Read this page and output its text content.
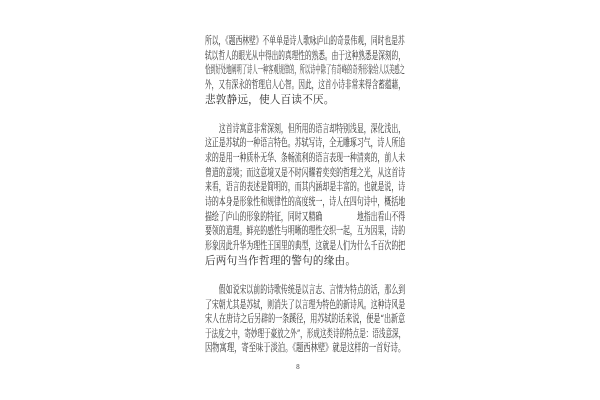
所以，《题西林壁》不单单是诗人歌咏庐山的奇景伟观，同时也是苏
轼以哲人的眼光从中得出的真理性的熟悉。由于这种熟悉是深刻的，
恰到好处地阐明了诗人一种客观规律的，所以诗中除了有奇峰的奇秀形象给人以美感之
外，又有深永的哲理启人心智。因此，这首小诗非常来得含蓄蕴藉，
悲敦静远，使人百读不厌。
　　这首诗寓意非常深刻，但所用的语言却特别浅显，深化浅出，
这正是苏轼的一种语言特色。苏轼写诗，全无雕琢习气，诗人所追
求的是用一种质朴无华、条畅流利的语言表现一种清爽的，前人未
曾道的意境；而这意境又是不时闪耀着奕奕的哲理之光，从这首诗
来看，语言的表述是简明的，而其内涵却是丰富的。也就是说，诗
诗的本身是形象性和规律性的高度统一，诗人在四句诗中，概括地
描绘了庐山的形象的特征，同时又精确　　　　　地指出看山不得
要领的道理。鲜亮的感性与明晰的理性交织一起，互为因果，诗的
形象因此升华为理性王国里的典型，这就是人们为什么千百次的把
后两句当作哲理的警句的缘由。
　　假如说宋以前的诗歌传统是以言志、言情为特点的话，那么到
了宋朝尤其是苏轼，则消失了以言理为特色的新诗风。这种诗风是
宋人在唐诗之后另辟的一条蹊径，用苏轼的话来说，便是“出新意
于法度之中，寄妙理于豪放之外”，形成这类诗的特点是：语浅意深，
因物寓理，寄至味于淡泊。《题西林壁》就是这样的一首好诗。
8
